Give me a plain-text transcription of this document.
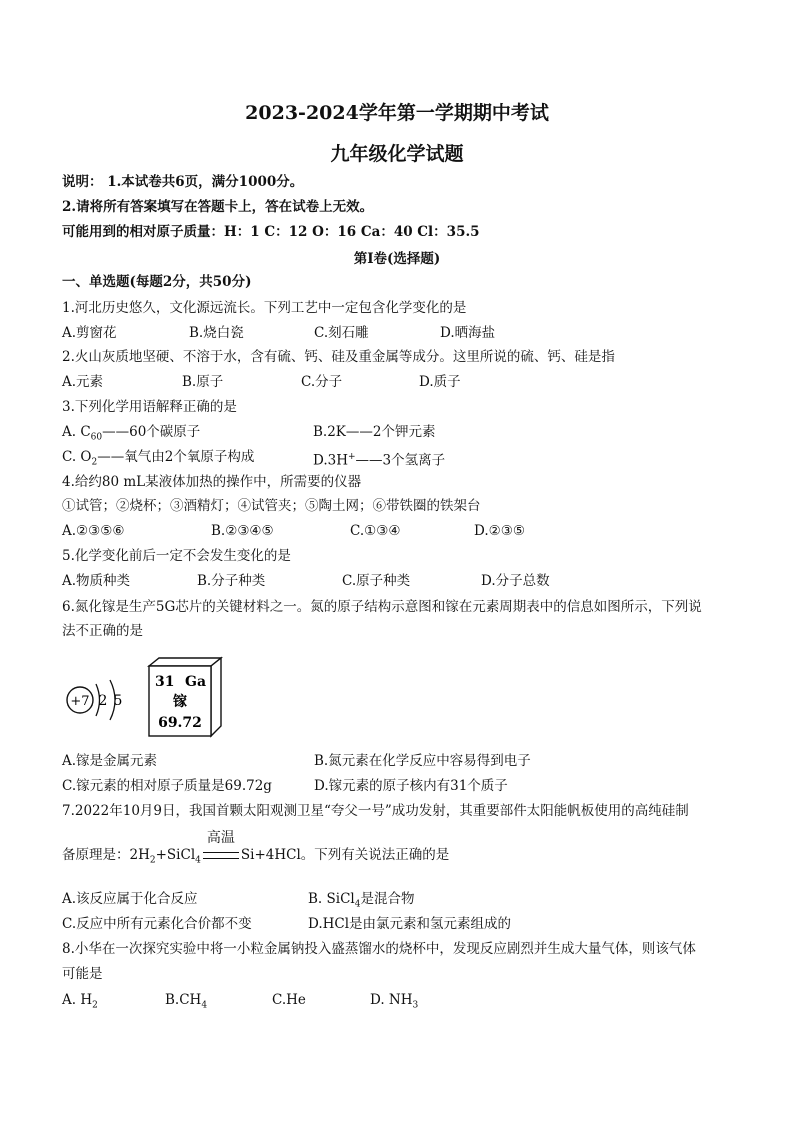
2023-2024学年第一学期期中考试
九年级化学试题
说明： 1.本试卷共6页，满分1000分。
2.请将所有答案填写在答题卡上，答在试卷上无效。
可能用到的相对原子质量：H：1 C：12 O：16 Ca：40 Cl：35.5
第Ⅰ卷(选择题)
一、单选题(每题2分，共50分)
1.河北历史悠久，文化源远流长。下列工艺中一定包含化学变化的是
A.剪窗花	B.烧白瓷	C.刻石雕	D.晒海盐
2.火山灰质地坚硬、不溶于水，含有硫、钙、硅及重金属等成分。这里所说的硫、钙、硅是指
A.元素	B.原子	C.分子	D.质子
3.下列化学用语解释正确的是
A. $C_{60}——60$个碳原子	B.2K——2个钾元素
C. $O_2——$氧气由2个氧原子构成	D.3H+——3个氢离子
4.给约80 mL某液体加热的操作中，所需要的仪器
①试管；②烧杯；③酒精灯；④试管夹；⑤陶土网；⑥带铁圈的铁架台
A.②③⑤⑥	B.②③④⑤	C.①③④	D.②③⑤
5.化学变化前后一定不会发生变化的是
A.物质种类	B.分子种类	C.原子种类	D.分子总数
6.氮化镓是生产5G芯片的关键材料之一。氮的原子结构示意图和镓在元素周期表中的信息如图所示，下列说
法不正确的是
+7 2 5
31 Ga
镓
69.72
A.镓是金属元素	B.氮元素在化学反应中容易得到电子
C.镓元素的相对原子质量是69.72g	D.镓元素的原子核内有31个质子
7.2022年10月9日，我国首颗太阳观测卫星“夸父一号”成功发射，其重要部件太阳能帆板使用的高纯硅制
备原理是：$2H_2+SiCl_4$
高温
Si+4HCl。下列有关说法正确的是
A.该反应属于化合反应	B. SiCl$_4$是混合物
C.反应中所有元素化合价都不变	D.HCl是由氯元素和氢元素组成的
8.小华在一次探究实验中将一小粒金属钠投入盛蒸馏水的烧杯中，发现反应剧烈并生成大量气体，则该气体
可能是
A. $H_2$	$B.CH_4$	C.He	D. $NH_3$
